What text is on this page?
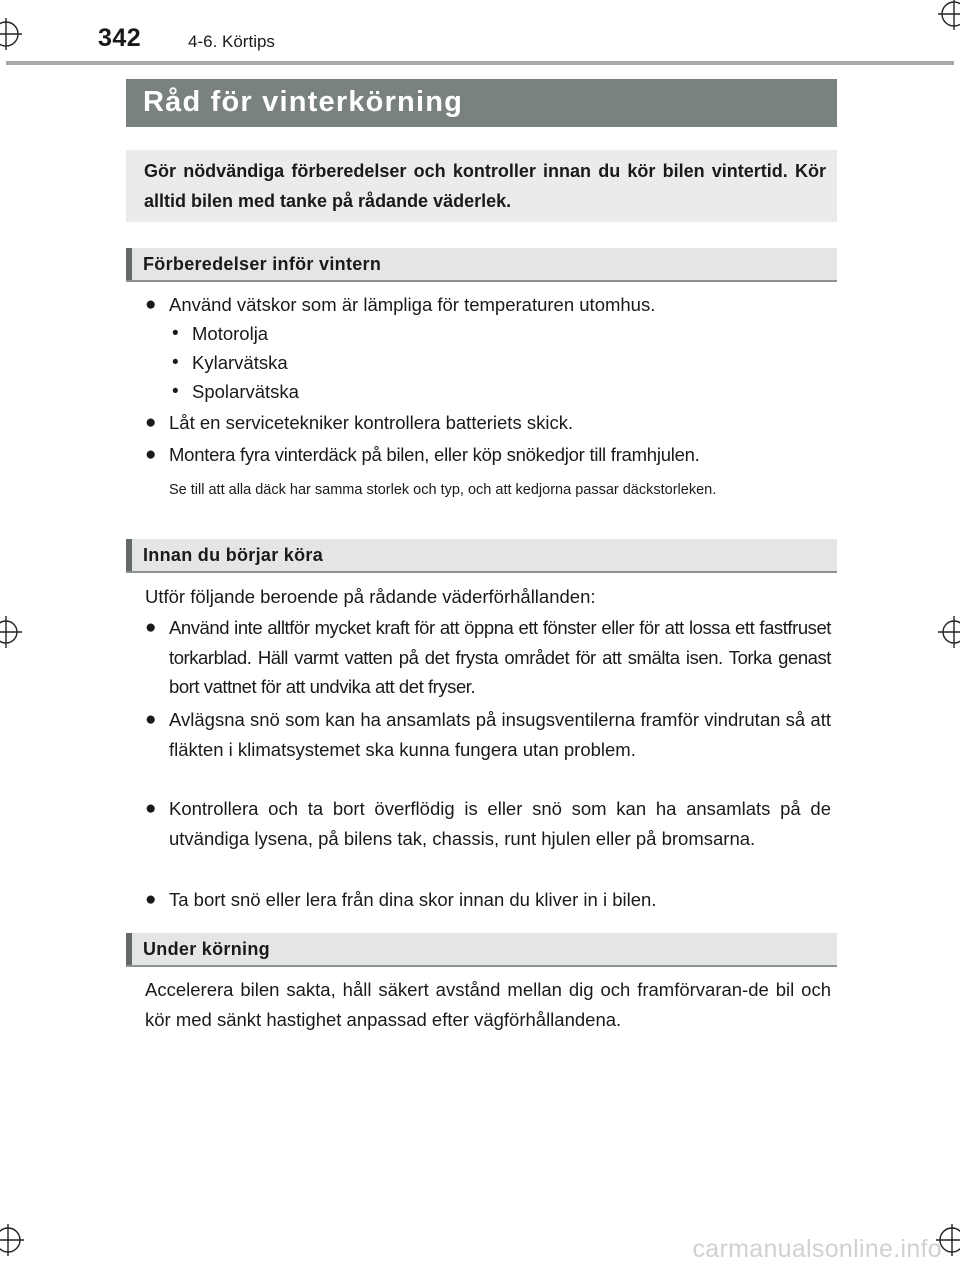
342	4-6. Körtips
Råd för vinterkörning

Gör nödvändiga förberedelser och kontroller innan du kör bilen vintertid. Kör alltid bilen med tanke på rådande väderlek.

Förberedelser inför vintern
● Använd vätskor som är lämpliga för temperaturen utomhus.
• Motorolja
• Kylarvätska
• Spolarvätska
● Låt en servicetekniker kontrollera batteriets skick.
● Montera fyra vinterdäck på bilen, eller köp snökedjor till framhjulen.
Se till att alla däck har samma storlek och typ, och att kedjorna passar däckstorleken.
Innan du börjar köra
Utför följande beroende på rådande väderförhållanden:
● Använd inte alltför mycket kraft för att öppna ett fönster eller för att lossa ett fastfruset torkarblad. Häll varmt vatten på det frysta området för att smälta isen. Torka genast bort vattnet för att undvika att det fryser.
● Avlägsna snö som kan ha ansamlats på insugsventilerna framför vindrutan så att fläkten i klimatsystemet ska kunna fungera utan problem.
● Kontrollera och ta bort överflödig is eller snö som kan ha ansamlats på de utvändiga lysena, på bilens tak, chassis, runt hjulen eller på bromsarna.
● Ta bort snö eller lera från dina skor innan du kliver in i bilen.
Under körning
Accelerera bilen sakta, håll säkert avstånd mellan dig och framförvaran-de bil och kör med sänkt hastighet anpassad efter vägförhållandena.
carmanualsonline.info
